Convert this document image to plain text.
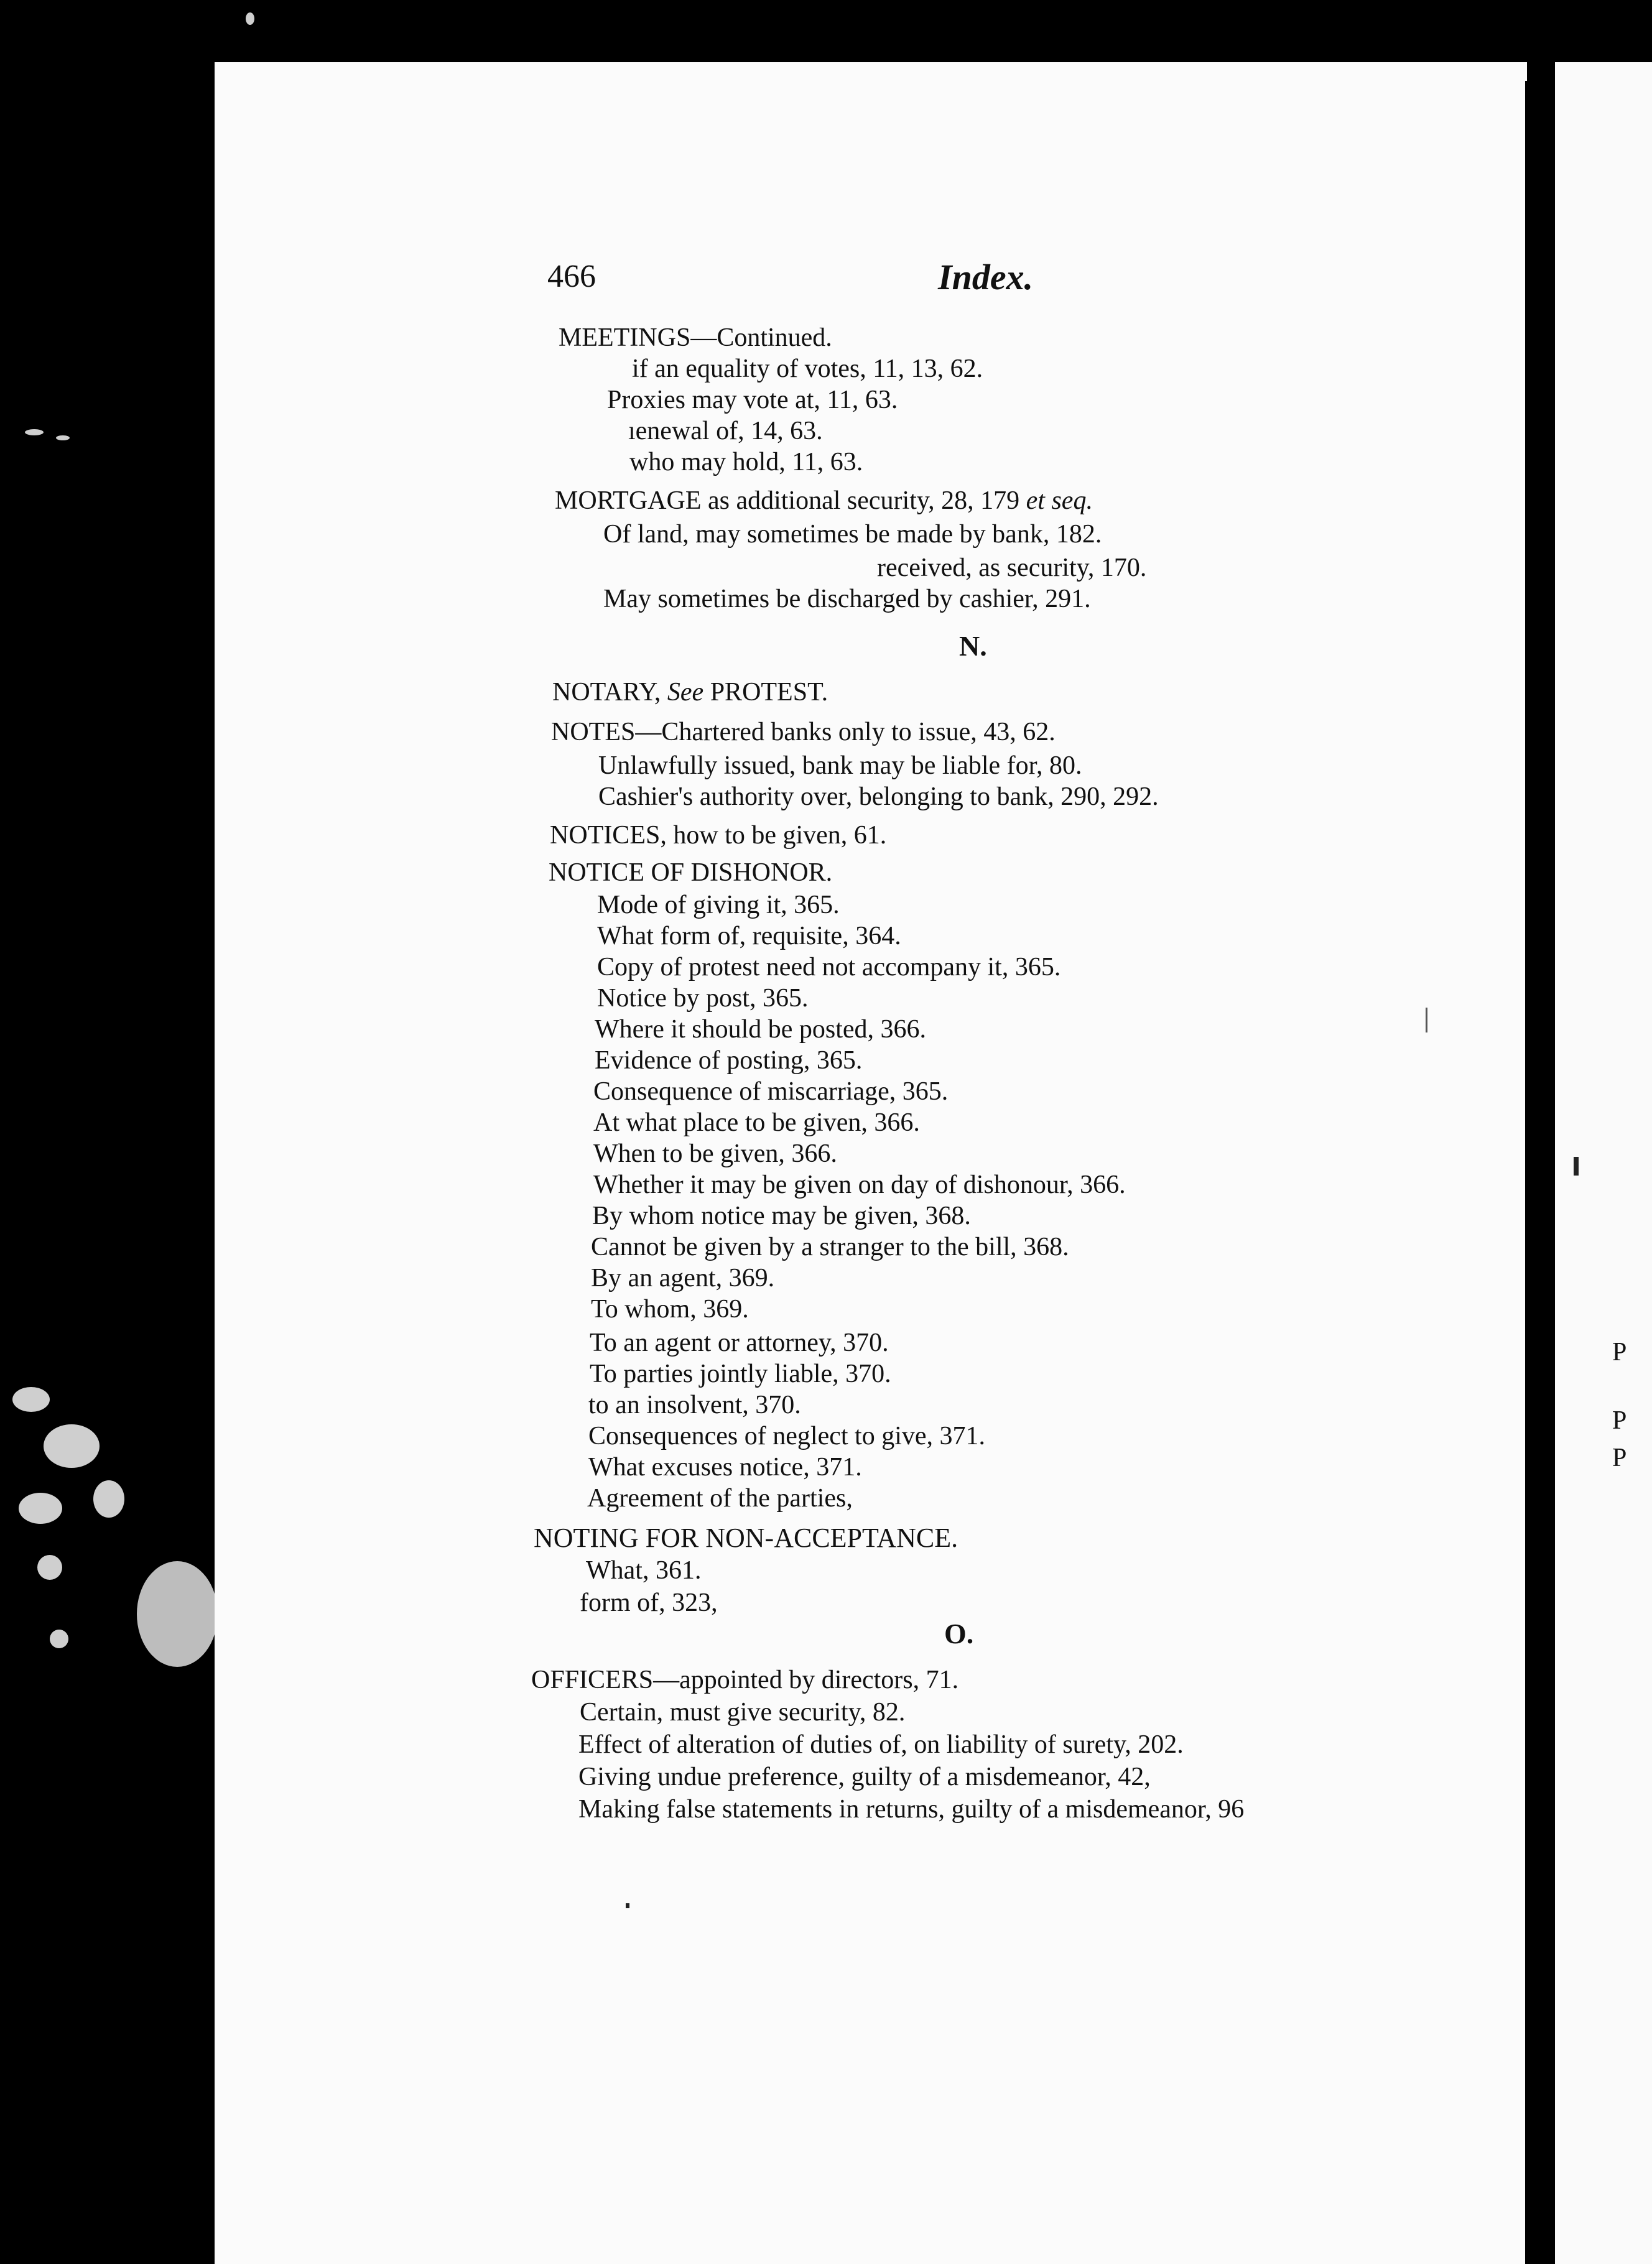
466	Index.
MEETINGS—Continued.
if an equality of votes, 11, 13, 62.
Proxies may vote at, 11, 63.
ıenewal of, 14, 63.
who may hold, 11, 63.
MORTGAGE as additional security, 28, 179 et seq.
Of land, may sometimes be made by bank, 182.
received, as security, 170.
May sometimes be discharged by cashier, 291.
N.
NOTARY, See PROTEST.
NOTES—Chartered banks only to issue, 43, 62.
Unlawfully issued, bank may be liable for, 80.
Cashier's authority over, belonging to bank, 290, 292.
NOTICES, how to be given, 61.
NOTICE OF DISHONOR.
Mode of giving it, 365.
What form of, requisite, 364.
Copy of protest need not accompany it, 365.
Notice by post, 365.
Where it should be posted, 366.
Evidence of posting, 365.
Consequence of miscarriage, 365.
At what place to be given, 366.
When to be given, 366.
Whether it may be given on day of dishonour, 366.
By whom notice may be given, 368.
Cannot be given by a stranger to the bill, 368.
By an agent, 369.
To whom, 369.
To an agent or attorney, 370.
To parties jointly liable, 370.
to an insolvent, 370.
Consequences of neglect to give, 371.
What excuses notice, 371.
Agreement of the parties,
NOTING FOR NON-ACCEPTANCE.
What, 361.
form of, 323,
O.
OFFICERS—appointed by directors, 71.
Certain, must give security, 82.
Effect of alteration of duties of, on liability of surety, 202.
Giving undue preference, guilty of a misdemeanor, 42,
Making false statements in returns, guilty of a misdemeanor, 96
P
P
P
